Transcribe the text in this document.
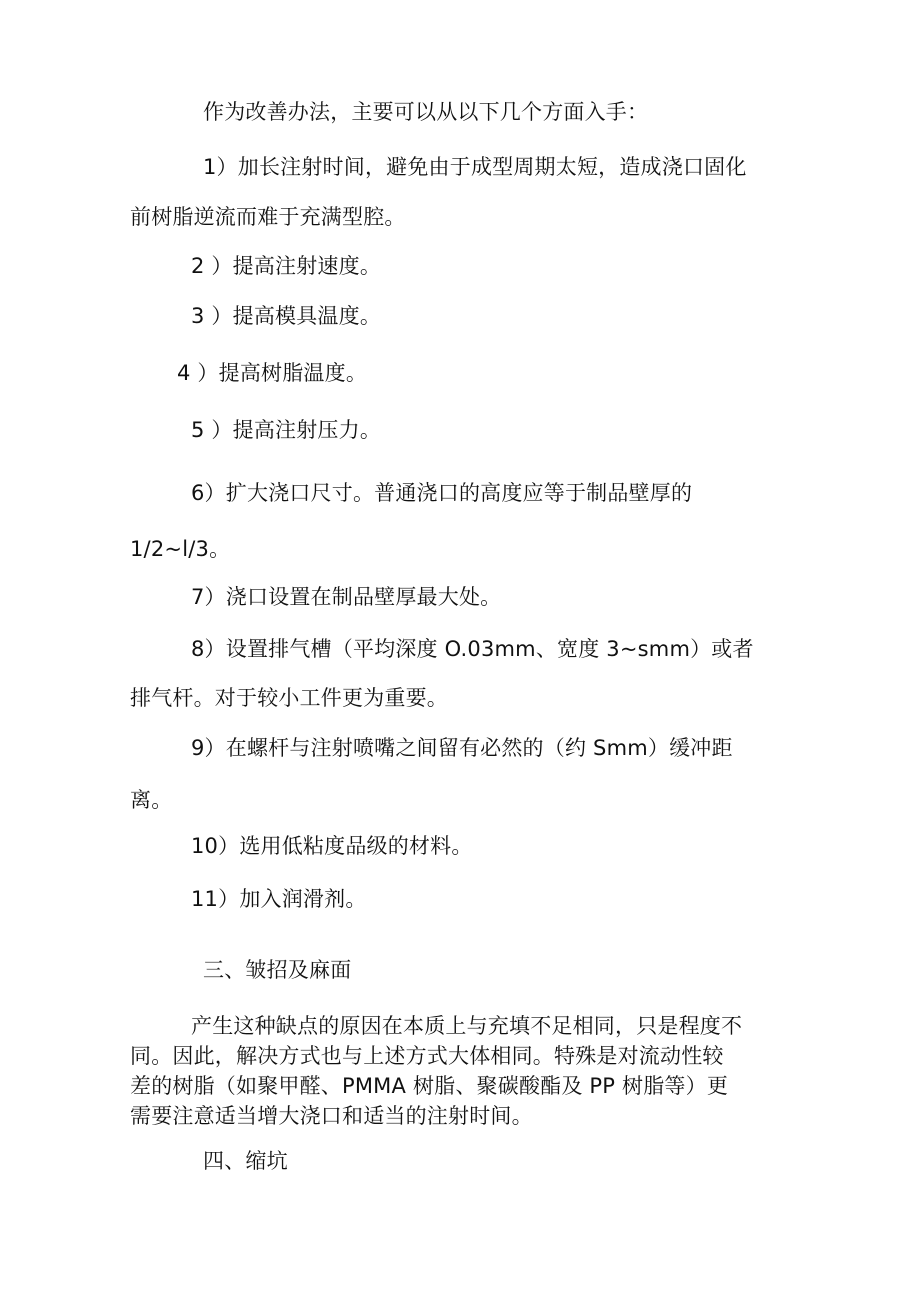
作为改善办法，主要可以从以下几个方面入手：
1）加长注射时间，避免由于成型周期太短，造成浇口固化
前树脂逆流而难于充满型腔。
2 ）提高注射速度。
3 ）提高模具温度。
4 ）提高树脂温度。
5 ）提高注射压力。
6）扩大浇口尺寸。普通浇口的高度应等于制品壁厚的
1/2~l/3。
7）浇口设置在制品壁厚最大处。
8）设置排气槽（平均深度 O.03mm、宽度 3~smm）或者
排气杆。对于较小工件更为重要。
9）在螺杆与注射喷嘴之间留有必然的（约 Smm）缓冲距
离。
10）选用低粘度品级的材料。
11）加入润滑剂。
三、皱招及麻面
产生这种缺点的原因在本质上与充填不足相同，只是程度不
同。因此，解决方式也与上述方式大体相同。特殊是对流动性较
差的树脂（如聚甲醛、PMMA 树脂、聚碳酸酯及 PP 树脂等）更
需要注意适当增大浇口和适当的注射时间。
四、缩坑
